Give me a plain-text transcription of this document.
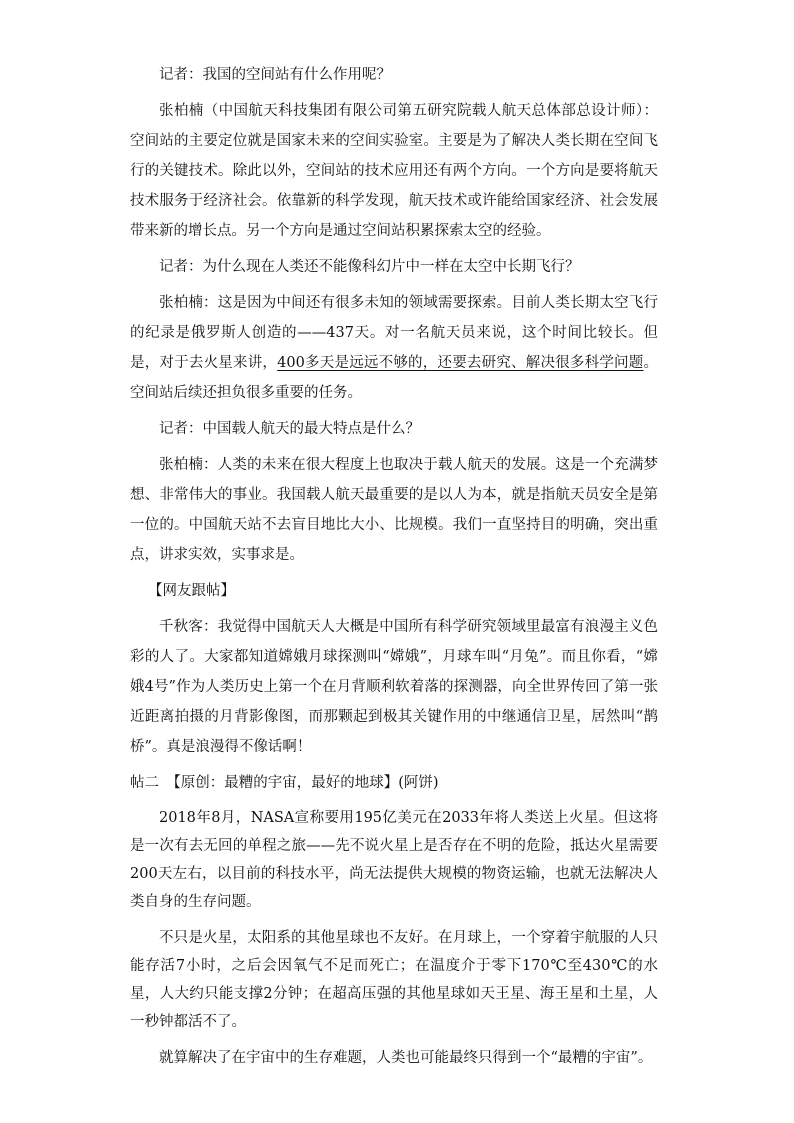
记者：我国的空间站有什么作用呢？

张柏楠（中国航天科技集团有限公司第五研究院载人航天总体部总设计师）：空间站的主要定位就是国家未来的空间实验室。主要是为了解决人类长期在空间飞行的关键技术。除此以外，空间站的技术应用还有两个方向。一个方向是要将航天技术服务于经济社会。依靠新的科学发现，航天技术或许能给国家经济、社会发展带来新的增长点。另一个方向是通过空间站积累探索太空的经验。

记者：为什么现在人类还不能像科幻片中一样在太空中长期飞行？

张柏楠：这是因为中间还有很多未知的领域需要探索。目前人类长期太空飞行的纪录是俄罗斯人创造的——437天。对一名航天员来说，这个时间比较长。但是，对于去火星来讲，400多天是远远不够的，还要去研究、解决很多科学问题。空间站后续还担负很多重要的任务。

记者：中国载人航天的最大特点是什么？

张柏楠：人类的未来在很大程度上也取决于载人航天的发展。这是一个充满梦想、非常伟大的事业。我国载人航天最重要的是以人为本，就是指航天员安全是第一位的。中国航天站不去盲目地比大小、比规模。我们一直坚持目的明确，突出重点，讲求实效，实事求是。

【网友跟帖】

千秋客：我觉得中国航天人大概是中国所有科学研究领域里最富有浪漫主义色彩的人了。大家都知道嫦娥月球探测叫“嫦娥”，月球车叫“月兔”。而且你看，“嫦娥4号”作为人类历史上第一个在月背顺利软着落的探测器，向全世界传回了第一张近距离拍摄的月背影像图，而那颗起到极其关键作用的中继通信卫星，居然叫“鹊桥”。真是浪漫得不像话啊！

帖二　【原创：最糟的宇宙，最好的地球】(阿饼)

2018年8月，NASA宣称要用195亿美元在2033年将人类送上火星。但这将是一次有去无回的单程之旅——先不说火星上是否存在不明的危险，抵达火星需要200天左右，以目前的科技水平，尚无法提供大规模的物资运输，也就无法解决人类自身的生存问题。

不只是火星，太阳系的其他星球也不友好。在月球上，一个穿着宇航服的人只能存活7小时，之后会因氧气不足而死亡；在温度介于零下170℃至430℃的水星，人大约只能支撑2分钟；在超高压强的其他星球如天王星、海王星和土星，人一秒钟都活不了。

就算解决了在宇宙中的生存难题，人类也可能最终只得到一个“最糟的宇宙”。
